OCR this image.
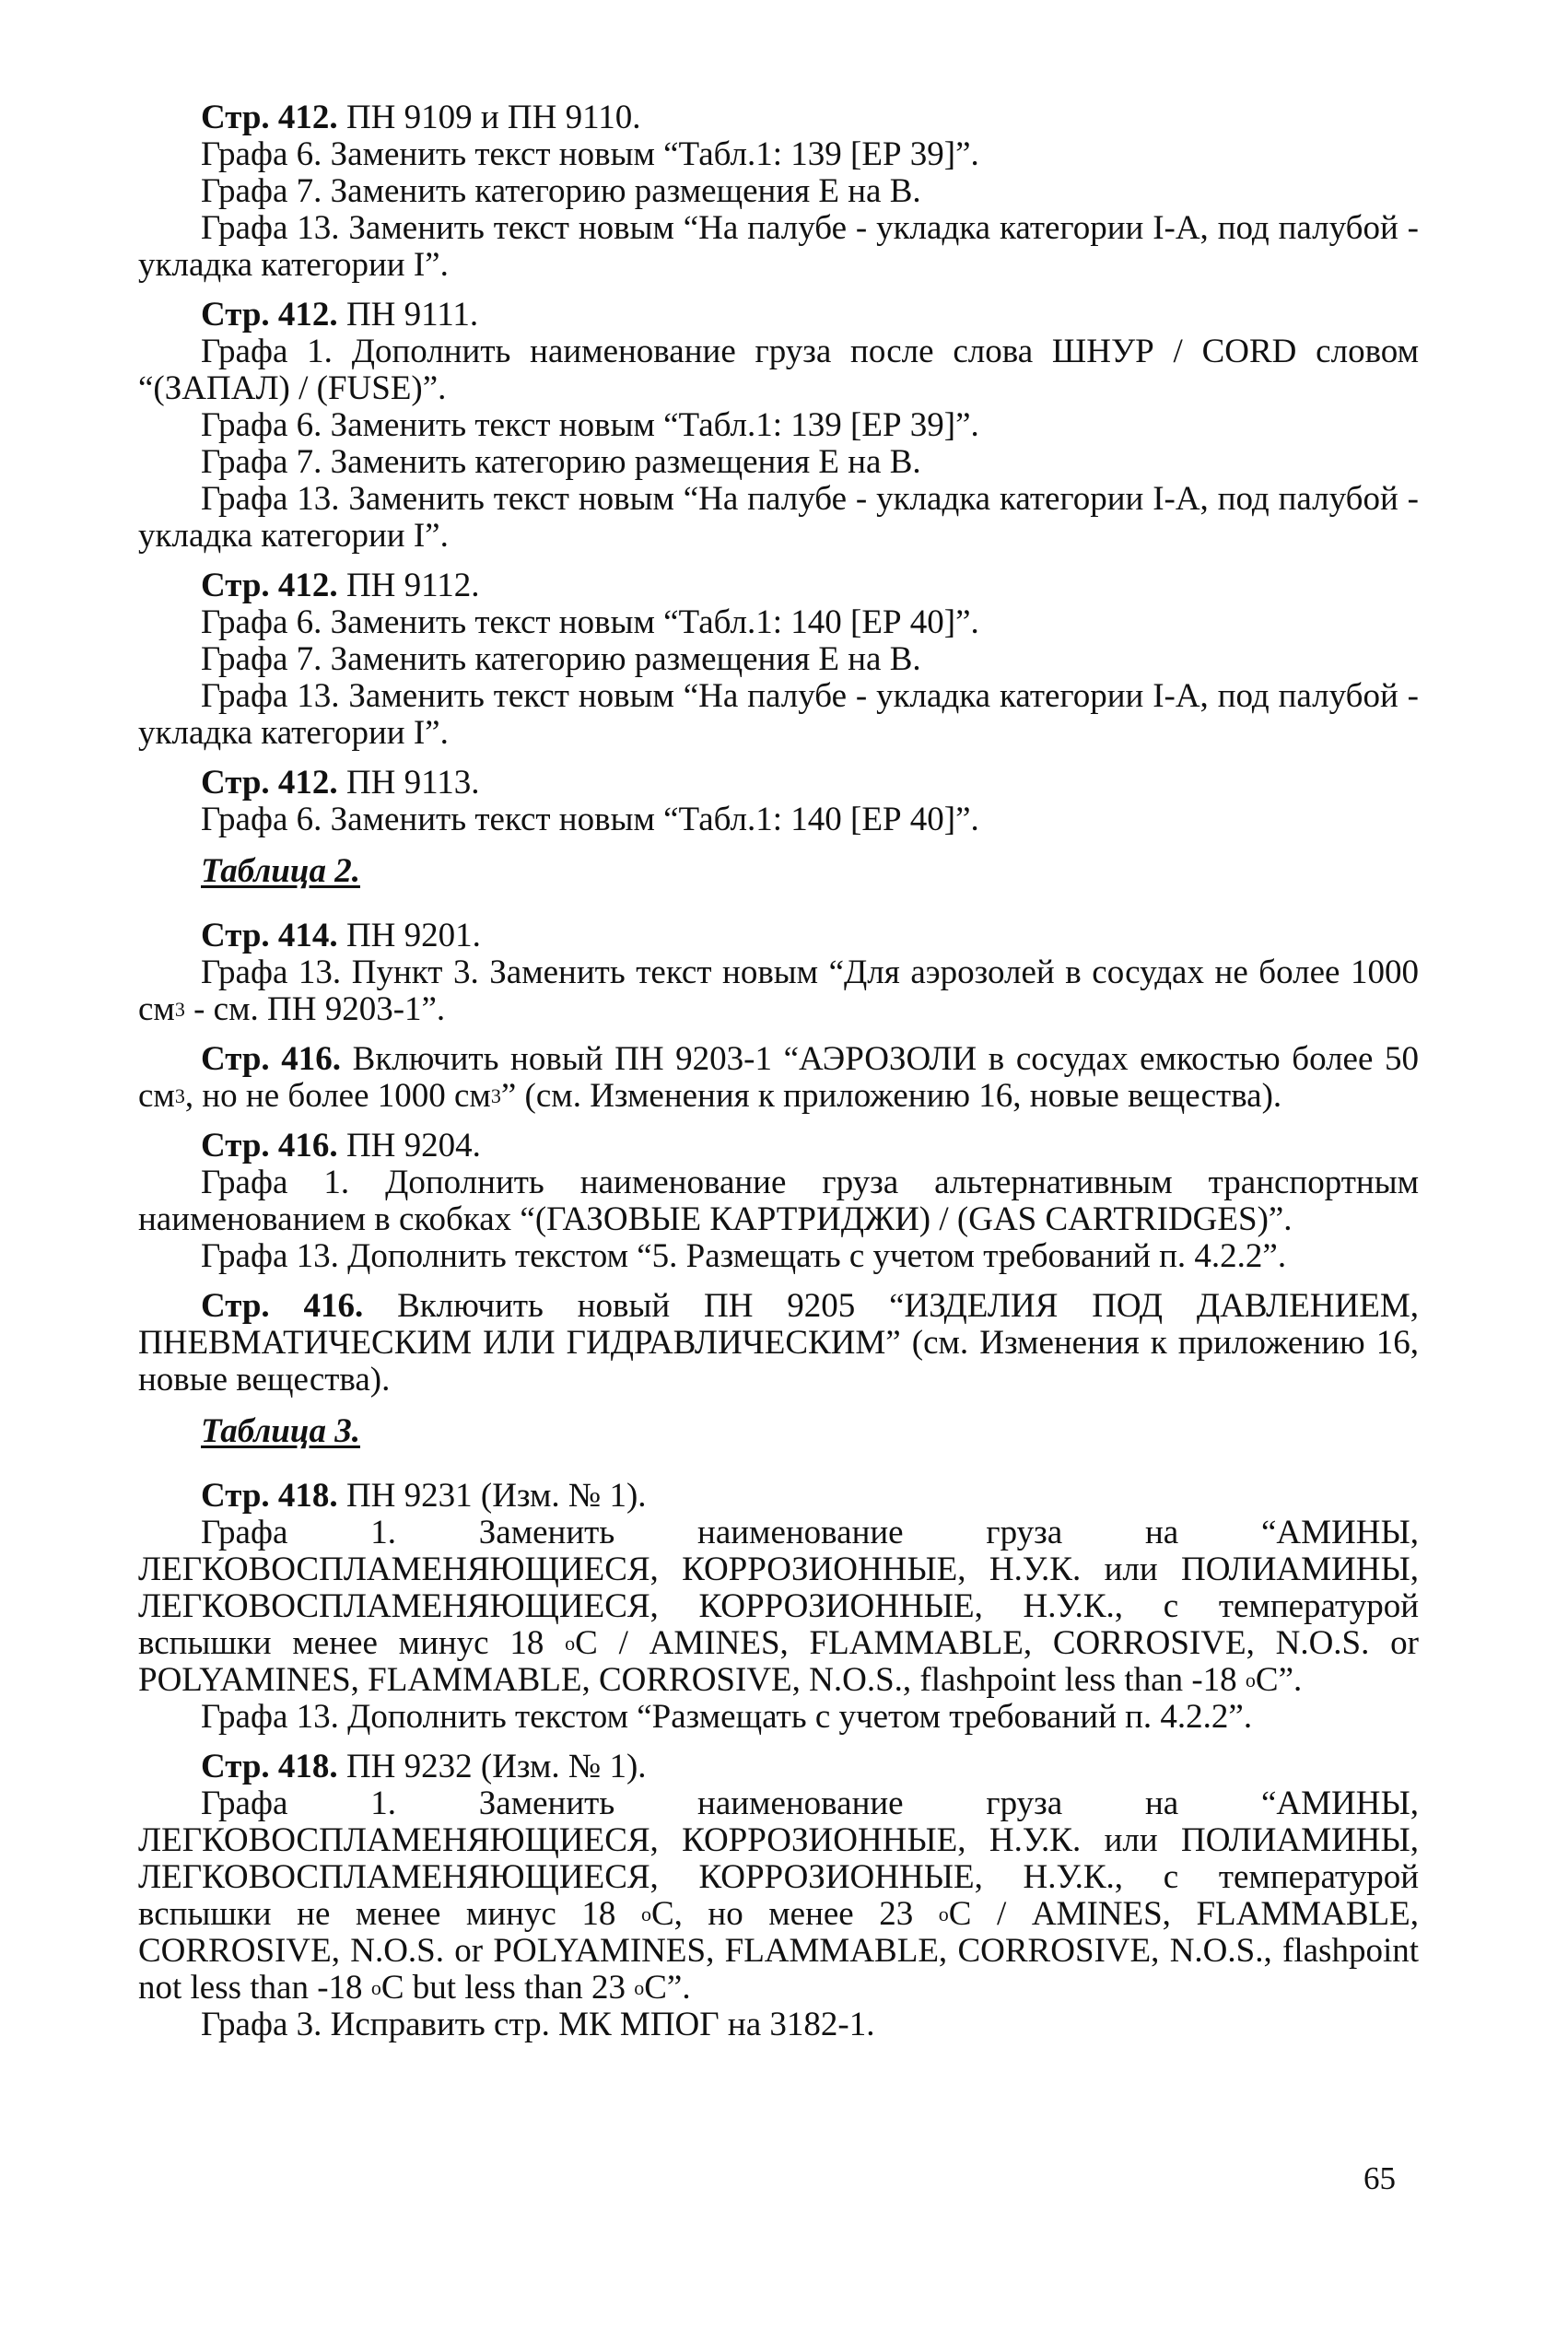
Стр. 412. ПН 9109 и ПН 9110.
Графа 6. Заменить текст новым “Табл.1: 139 [ЕР 39]”.
Графа 7. Заменить категорию размещения Е на В.
Графа 13. Заменить текст новым “На палубе - укладка категории I-А, под палубой - укладка категории I”.
Стр. 412. ПН 9111.
Графа 1. Дополнить наименование груза после слова ШНУР / CORD словом “(ЗАПАЛ) / (FUSE)”.
Графа 6. Заменить текст новым “Табл.1: 139 [ЕР 39]”.
Графа 7. Заменить категорию размещения Е на В.
Графа 13. Заменить текст новым “На палубе - укладка категории I-А, под палубой - укладка категории I”.
Стр. 412. ПН 9112.
Графа 6. Заменить текст новым “Табл.1: 140 [ЕР 40]”.
Графа 7. Заменить категорию размещения Е на В.
Графа 13. Заменить текст новым “На палубе - укладка категории I-А, под палубой - укладка категории I”.
Стр. 412. ПН 9113.
Графа 6. Заменить текст новым “Табл.1: 140 [ЕР 40]”.
Таблица 2.
Стр. 414. ПН 9201.
Графа 13. Пункт 3. Заменить текст новым “Для аэрозолей в сосудах не более 1000 $см^3$ - см. ПН 9203-1”.
Стр. 416. Включить новый ПН 9203-1 “АЭРОЗОЛИ в сосудах емкостью более 50 $см^3$, но не более 1000 $см^3$” (см. Изменения к приложению 16, новые вещества).
Стр. 416. ПН 9204.
Графа 1. Дополнить наименование груза альтернативным транспортным наименованием в скобках “(ГАЗОВЫЕ КАРТРИДЖИ) / (GAS CARTRIDGES)”.
Графа 13. Дополнить текстом “5. Размещать с учетом требований п. 4.2.2”.
Стр. 416. Включить новый ПН 9205 “ИЗДЕЛИЯ ПОД ДАВЛЕНИЕМ, ПНЕВМАТИЧЕСКИМ ИЛИ ГИДРАВЛИЧЕСКИМ” (см. Изменения к приложению 16, новые вещества).
Таблица 3.
Стр. 418. ПН 9231 (Изм. № 1).
Графа 1. Заменить наименование груза на “АМИНЫ, ЛЕГКОВОСПЛАМЕНЯЮЩИЕСЯ, КОРРОЗИОННЫЕ, Н.У.К. или ПОЛИАМИНЫ, ЛЕГКОВОСПЛАМЕНЯЮЩИЕСЯ, КОРРОЗИОННЫЕ, Н.У.К., с температурой вспышки менее минус 18 $^o$С / AMINES, FLAMMABLE, CORROSIVE, N.O.S. or POLYAMINES, FLAMMABLE, CORROSIVE, N.O.S., flashpoint less than -18 $^o$C”.
Графа 13. Дополнить текстом “Размещать с учетом требований п. 4.2.2”.
Стр. 418. ПН 9232 (Изм. № 1).
Графа 1. Заменить наименование груза на “АМИНЫ, ЛЕГКОВОСПЛАМЕНЯЮЩИЕСЯ, КОРРОЗИОННЫЕ, Н.У.К. или ПОЛИАМИНЫ, ЛЕГКОВОСПЛАМЕНЯЮЩИЕСЯ, КОРРОЗИОННЫЕ, Н.У.К., с температурой вспышки не менее минус 18 $^o$С, но менее 23 $^o$С / AMINES, FLAMMABLE, CORROSIVE, N.O.S. or POLYAMINES, FLAMMABLE, CORROSIVE, N.O.S., flashpoint not less than -18 $^o$C but less than 23 $^o$C”.
Графа 3. Исправить стр. МК МПОГ на 3182-1.
65
